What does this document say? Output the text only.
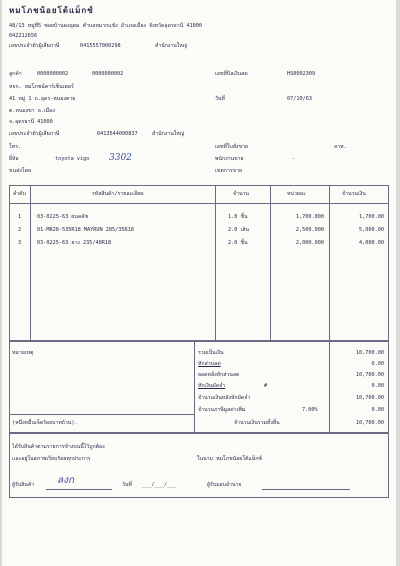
หมโภชน้อยโต้แม็กซ์
48/13 หมู่ที่5 ซอยบ้านดงอุดม ตำบลหมากแข้ง อำเภอเมือง จังหวัดอุดรธานี 41000
042212656
เลขประจำตัวผู้เสียภาษี	0415557000298	สำนักงานใหญ่
ลูกค้า	0000000002	0000000002
หจก. สมโภชน์คาร์เซ็นเตอร์
41 หมู่ 1 ถ.อุดร-หนองคาย
ต.หนองขา อ.เมือง
จ.อุดรธานี 41000
เลขประจำตัวผู้เสียภาษี	0413544000837	สำนักงานใหญ่
โทร.
ยี่ห้อ	toyota vigo 3302
ขนส่งโดย
เลขที่บิลเงินสด	HS0002309
วันที่	07/10/63
เลขที่ใบสั่งขาย	ลาท.
พนักงานขาย	-
เขตการขาย
ลำดับ	รหัสสินค้า/รายละเอียด	จำนวน	หน่วยละ	จำนวนเงิน
1	03-0225-63 ผ่นคลัช	1.0 ชิ้น	1,700.000	1,700.00
2	01-MR28-535R18 MAYRUN 285/35R18	2.0 เส้น	2,500.000	5,000.00
3	03-0225-63 ยาง 235/40R18	2.0 ชิ้น	2,000.000	4,000.00
หมายเหตุ
(หนึ่งหมื่นเจ็ดร้อยบาทถ้วน).
รวมเป็นเงิน	10,700.00
หักส่วนลด	0.00
ยอดหลังหักส่วนลด	10,700.00
หักเงินมัดจำ	#	0.00
จำนวนเงินหลังหักมัดจำ	10,700.00
จำนวนภาษีมูลค่าเพิ่ม	7.00%	0.00
จำนวนเงินรวมทั้งสิ้น	10,700.00
ได้รับสินค้าตามรายการข้างบนนี้ไว้ถูกต้อง
และอยู่ในสภาพเรียบร้อยทุกประการ	ในนาม หมโภชน้อยโต้แม็กซ์
ผู้รับสินค้า ลงก	วันที่ ___/___/___	ผู้รับมอบอำนาจ
